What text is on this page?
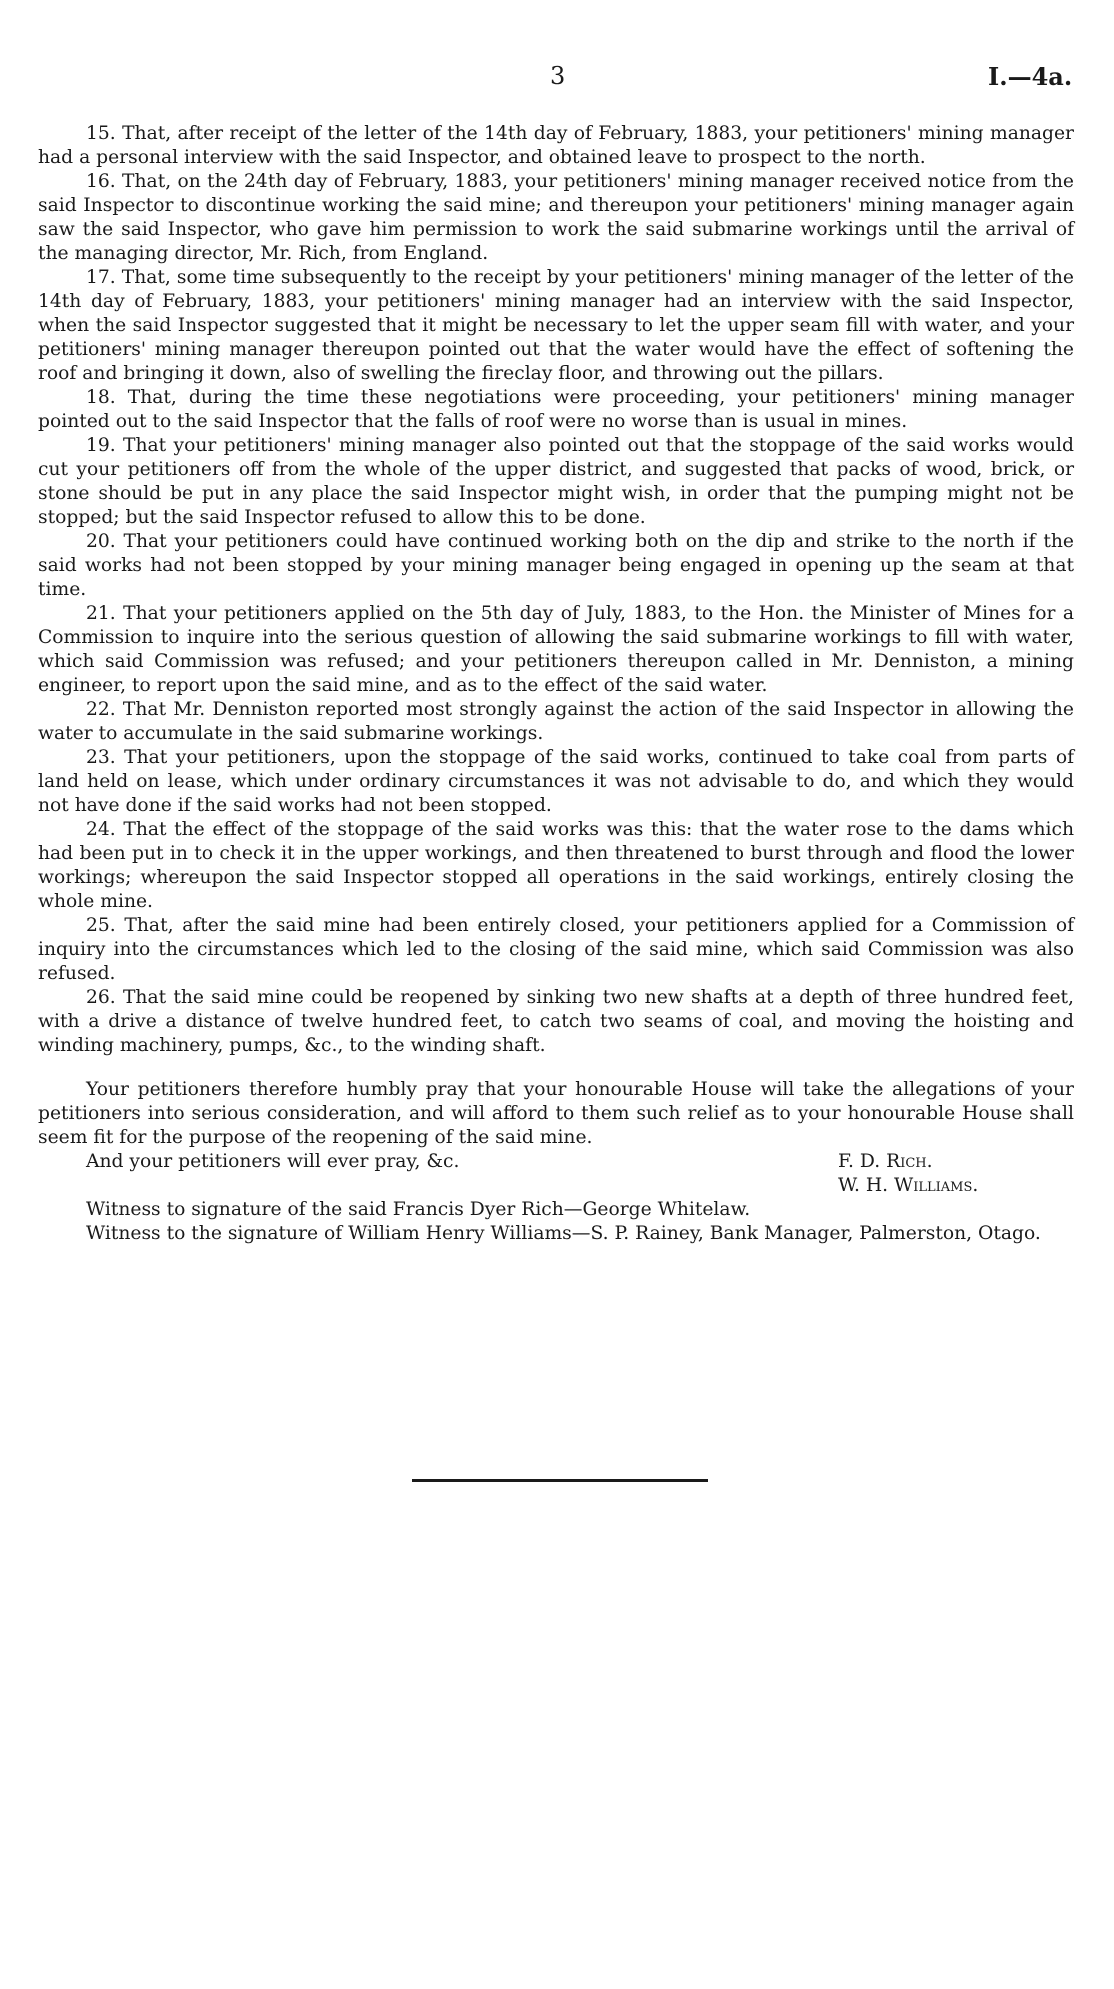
3	I.—4a.

15. That, after receipt of the letter of the 14th day of February, 1883, your petitioners' mining manager had a personal interview with the said Inspector, and obtained leave to prospect to the north.

16. That, on the 24th day of February, 1883, your petitioners' mining manager received notice from the said Inspector to discontinue working the said mine; and thereupon your petitioners' mining manager again saw the said Inspector, who gave him permission to work the said submarine workings until the arrival of the managing director, Mr. Rich, from England.

17. That, some time subsequently to the receipt by your petitioners' mining manager of the letter of the 14th day of February, 1883, your petitioners' mining manager had an interview with the said Inspector, when the said Inspector suggested that it might be necessary to let the upper seam fill with water, and your petitioners' mining manager thereupon pointed out that the water would have the effect of softening the roof and bringing it down, also of swelling the fireclay floor, and throwing out the pillars.

18. That, during the time these negotiations were proceeding, your petitioners' mining manager pointed out to the said Inspector that the falls of roof were no worse than is usual in mines.

19. That your petitioners' mining manager also pointed out that the stoppage of the said works would cut your petitioners off from the whole of the upper district, and suggested that packs of wood, brick, or stone should be put in any place the said Inspector might wish, in order that the pumping might not be stopped; but the said Inspector refused to allow this to be done.

20. That your petitioners could have continued working both on the dip and strike to the north if the said works had not been stopped by your mining manager being engaged in opening up the seam at that time.

21. That your petitioners applied on the 5th day of July, 1883, to the Hon. the Minister of Mines for a Commission to inquire into the serious question of allowing the said submarine workings to fill with water, which said Commission was refused; and your petitioners thereupon called in Mr. Denniston, a mining engineer, to report upon the said mine, and as to the effect of the said water.

22. That Mr. Denniston reported most strongly against the action of the said Inspector in allowing the water to accumulate in the said submarine workings.

23. That your petitioners, upon the stoppage of the said works, continued to take coal from parts of land held on lease, which under ordinary circumstances it was not advisable to do, and which they would not have done if the said works had not been stopped.

24. That the effect of the stoppage of the said works was this: that the water rose to the dams which had been put in to check it in the upper workings, and then threatened to burst through and flood the lower workings; whereupon the said Inspector stopped all operations in the said workings, entirely closing the whole mine.

25. That, after the said mine had been entirely closed, your petitioners applied for a Commission of inquiry into the circumstances which led to the closing of the said mine, which said Commission was also refused.

26. That the said mine could be reopened by sinking two new shafts at a depth of three hundred feet, with a drive a distance of twelve hundred feet, to catch two seams of coal, and moving the hoisting and winding machinery, pumps, &c., to the winding shaft.

Your petitioners therefore humbly pray that your honourable House will take the allegations of your petitioners into serious consideration, and will afford to them such relief as to your honourable House shall seem fit for the purpose of the reopening of the said mine.

And your petitioners will ever pray, &c.	F. D. Rich.
W. H. Williams.

Witness to signature of the said Francis Dyer Rich—George Whitelaw.

Witness to the signature of William Henry Williams—S. P. Rainey, Bank Manager, Palmerston, Otago.
